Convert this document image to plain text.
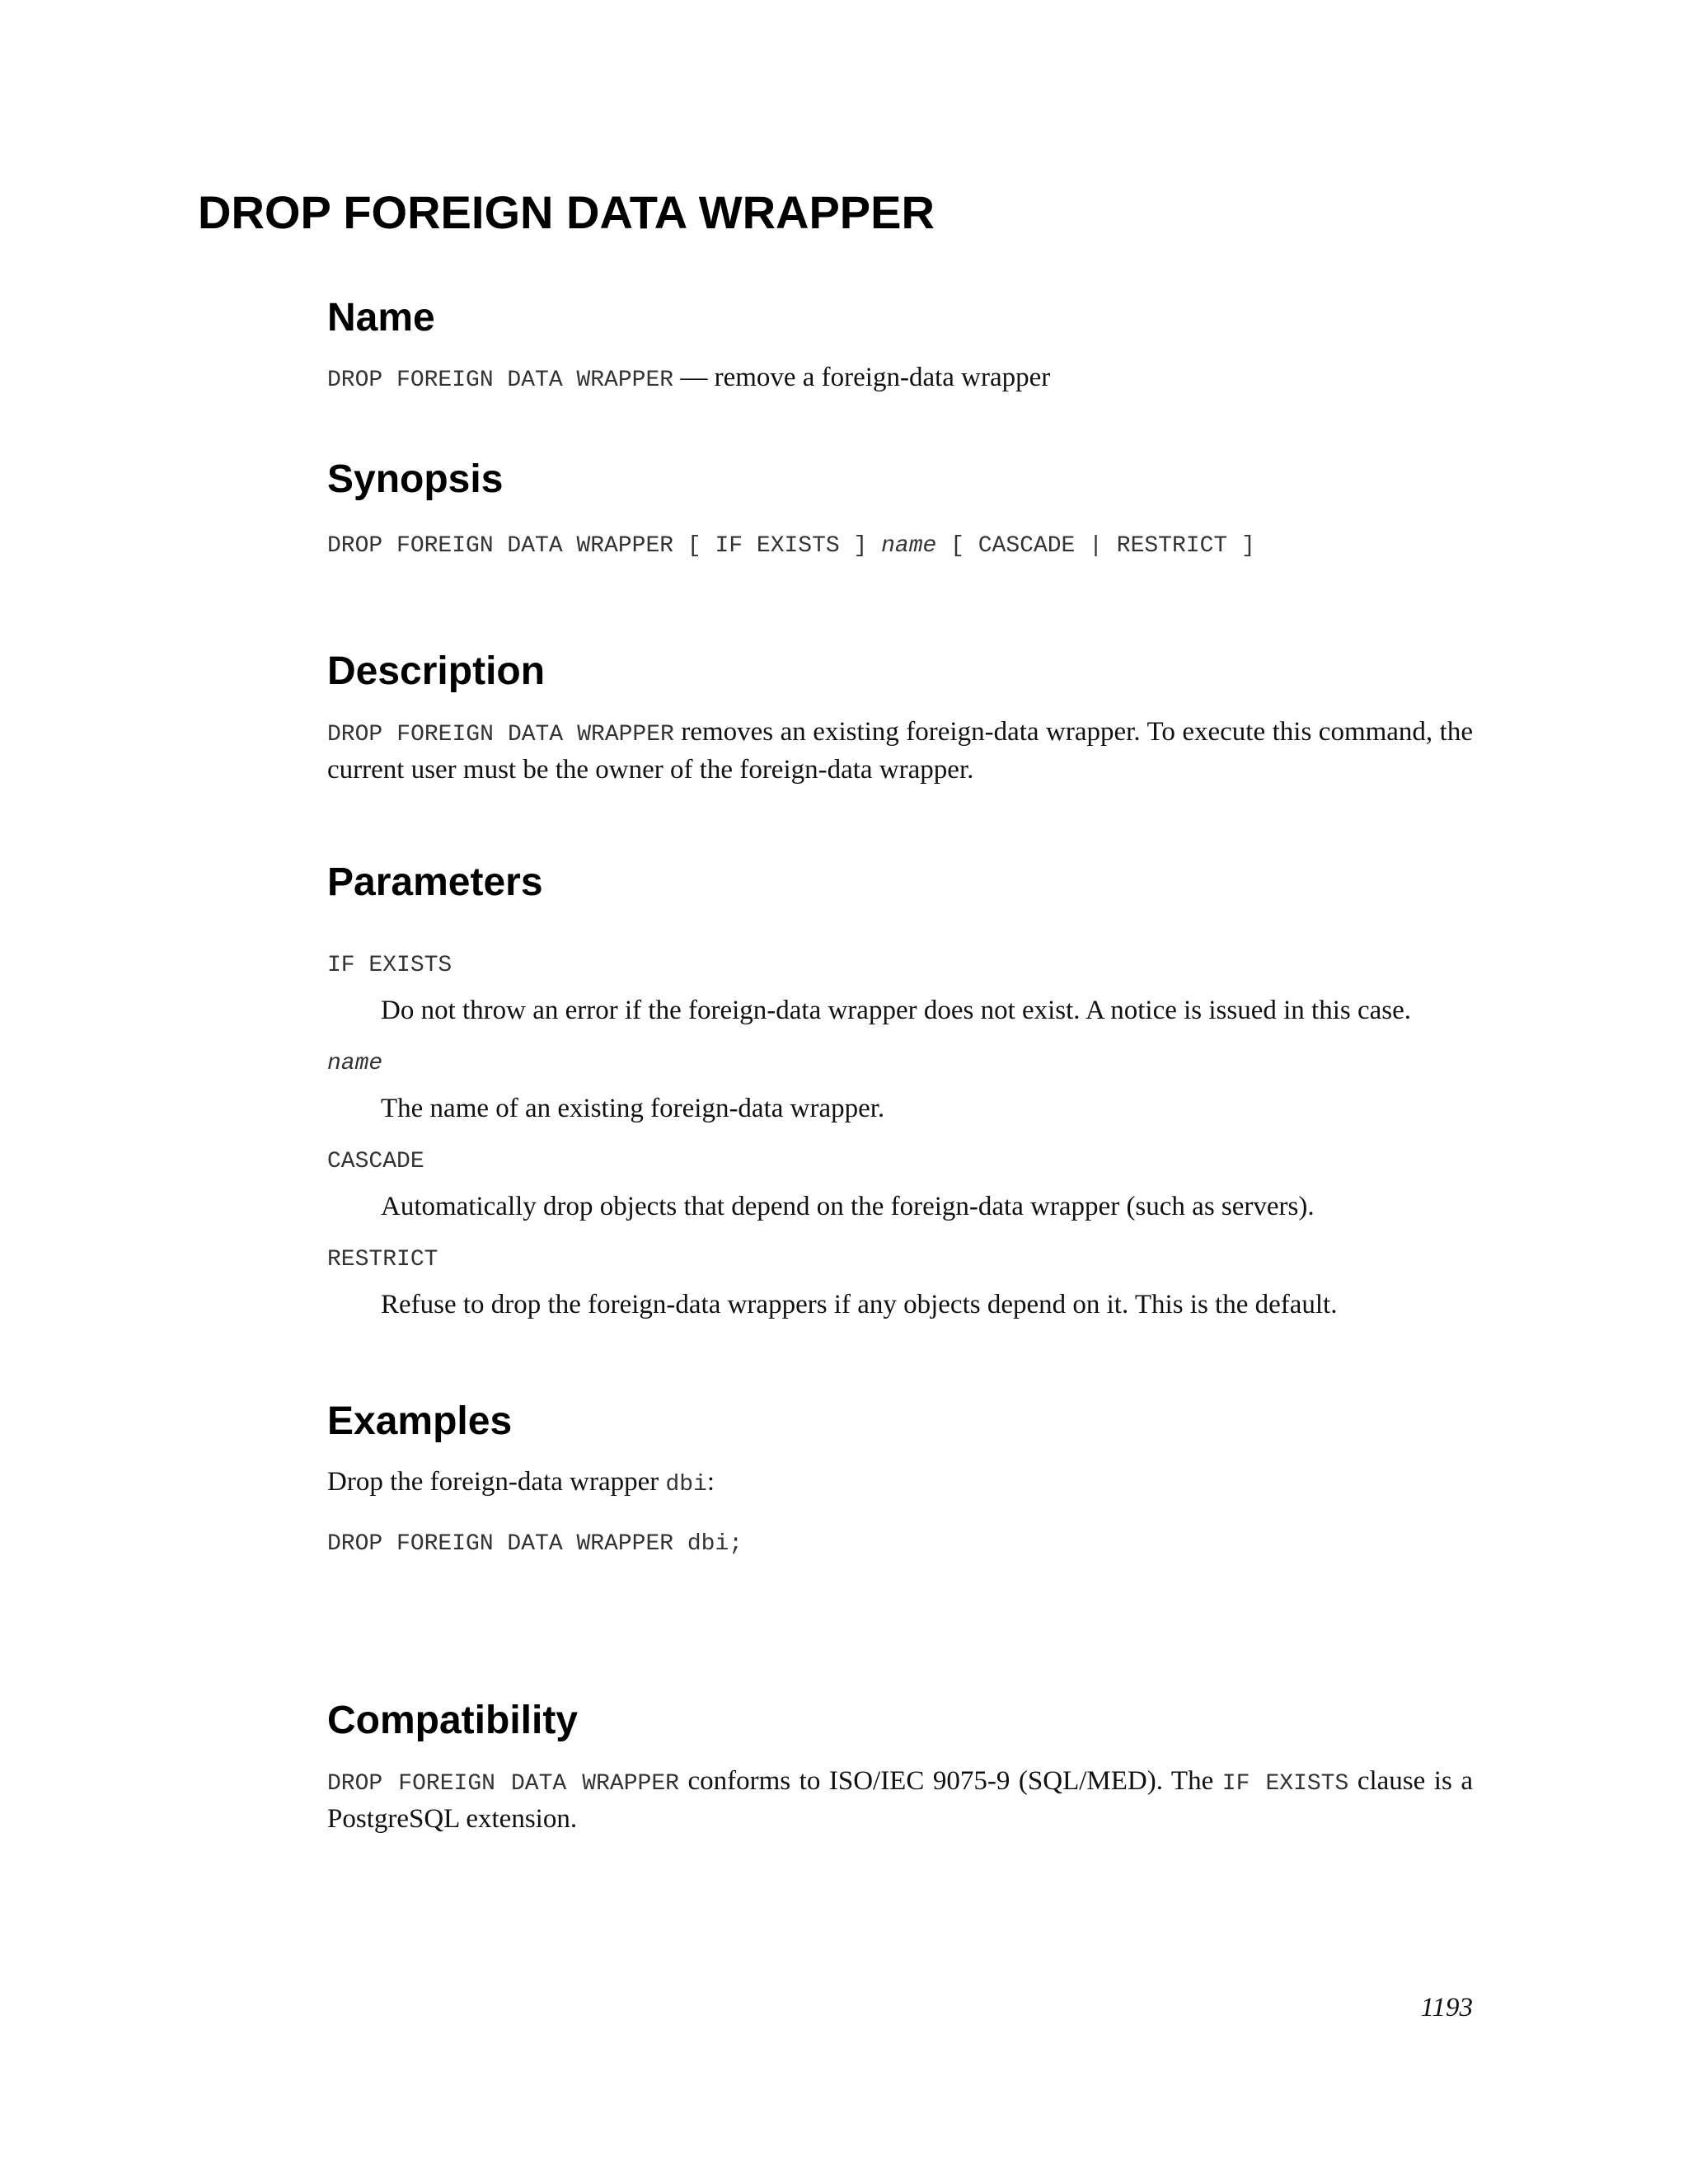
DROP FOREIGN DATA WRAPPER
Name

DROP FOREIGN DATA WRAPPER — remove a foreign-data wrapper

Synopsis

DROP FOREIGN DATA WRAPPER [ IF EXISTS ] name [ CASCADE | RESTRICT ]

Description

DROP FOREIGN DATA WRAPPER removes an existing foreign-data wrapper. To execute this command, the current user must be the owner of the foreign-data wrapper.

Parameters

IF EXISTS

Do not throw an error if the foreign-data wrapper does not exist. A notice is issued in this case.

name

The name of an existing foreign-data wrapper.

CASCADE

Automatically drop objects that depend on the foreign-data wrapper (such as servers).

RESTRICT

Refuse to drop the foreign-data wrappers if any objects depend on it. This is the default.

Examples

Drop the foreign-data wrapper dbi:

DROP FOREIGN DATA WRAPPER dbi;

Compatibility

DROP FOREIGN DATA WRAPPER conforms to ISO/IEC 9075-9 (SQL/MED). The IF EXISTS clause is a PostgreSQL extension.

1193
